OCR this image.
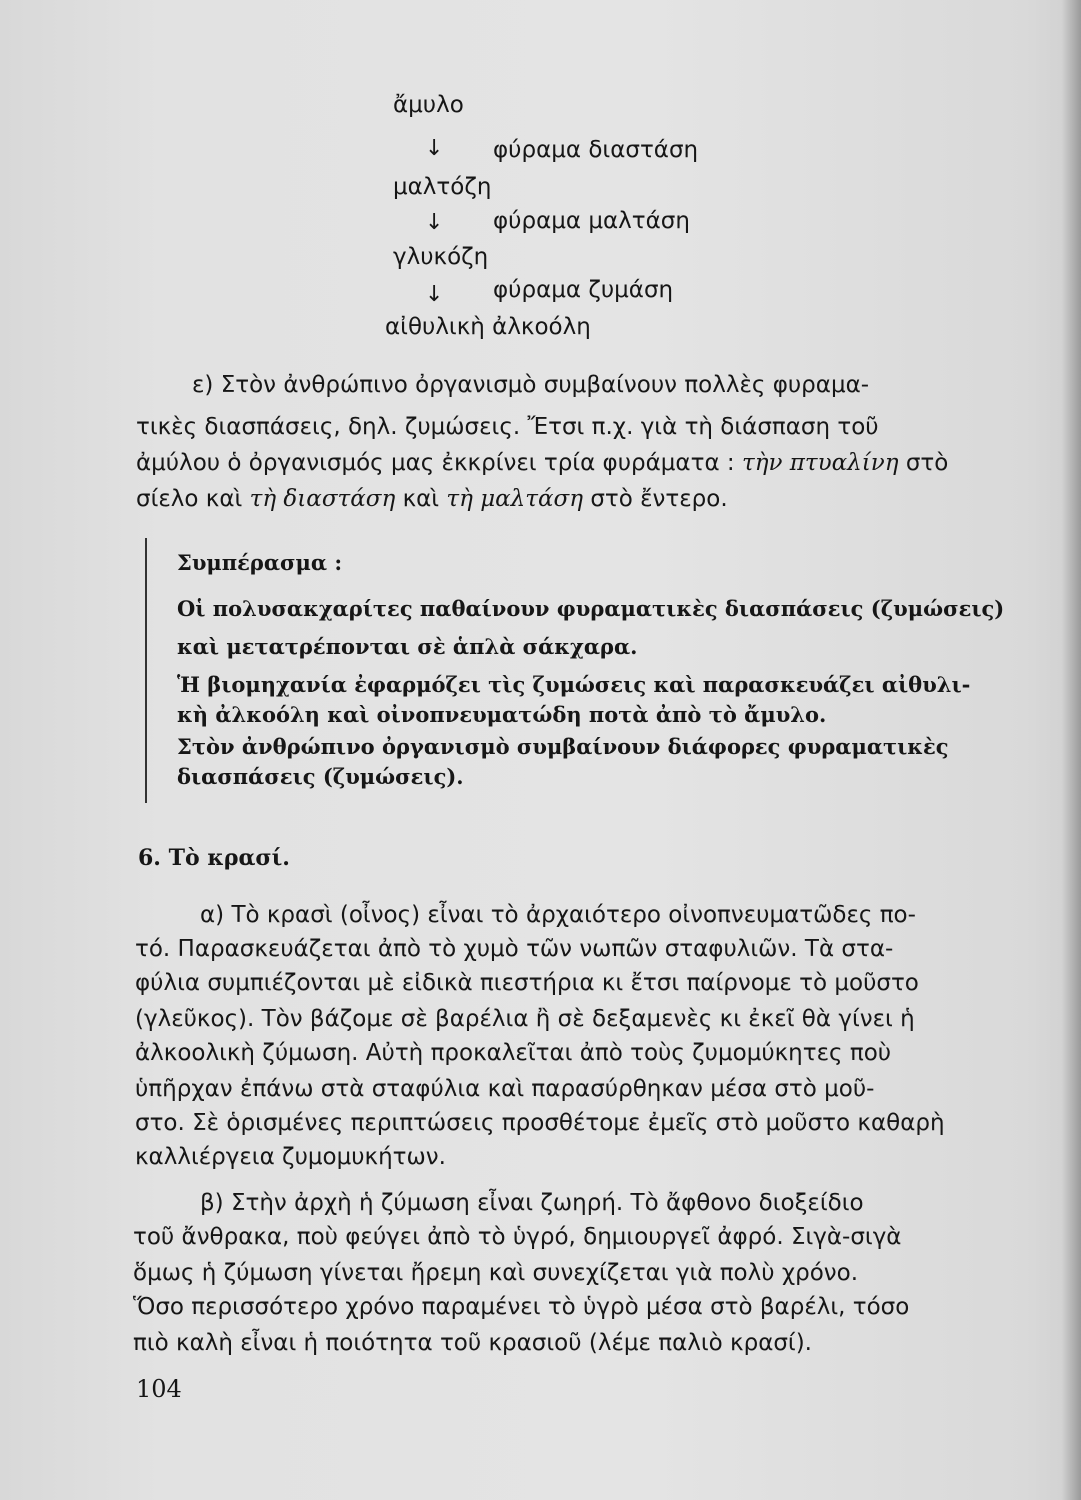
ἄμυλο
↓ φύραμα διαστάση
μαλτόζη
↓ φύραμα μαλτάση
γλυκόζη
↓ φύραμα ζυμάση
αἰθυλικὴ ἀλκοόλη
ε) Στὸν ἀνθρώπινο ὀργανισμὸ συμβαίνουν πολλὲς φυραμα-
τικὲς διασπάσεις, δηλ. ζυμώσεις. Ἔτσι π.χ. γιὰ τὴ διάσπαση τοῦ
ἀμύλου ὁ ὀργανισμός μας ἐκκρίνει τρία φυράματα : τὴν πτυαλίνη στὸ
σίελο καὶ τὴ διαστάση καὶ τὴ μαλτάση στὸ ἔντερο.
Συμπέρασμα :
Οἱ πολυσακχαρίτες παθαίνουν φυραματικὲς διασπάσεις (ζυμώσεις)
καὶ μετατρέπονται σὲ ἁπλὰ σάκχαρα.
Ἡ βιομηχανία ἐφαρμόζει τὶς ζυμώσεις καὶ παρασκευάζει αἰθυλι-
κὴ ἀλκοόλη καὶ οἰνοπνευματώδη ποτὰ ἀπὸ τὸ ἄμυλο.
Στὸν ἀνθρώπινο ὀργανισμὸ συμβαίνουν διάφορες φυραματικὲς
διασπάσεις (ζυμώσεις).
6. Τὸ κρασί.
α) Τὸ κρασὶ (οἶνος) εἶναι τὸ ἀρχαιότερο οἰνοπνευματῶδες πο-
τό. Παρασκευάζεται ἀπὸ τὸ χυμὸ τῶν νωπῶν σταφυλιῶν. Τὰ στα-
φύλια συμπιέζονται μὲ εἰδικὰ πιεστήρια κι ἔτσι παίρνομε τὸ μοῦστο
(γλεῦκος). Τὸν βάζομε σὲ βαρέλια ἢ σὲ δεξαμενὲς κι ἐκεῖ θὰ γίνει ἡ
ἀλκοολικὴ ζύμωση. Αὐτὴ προκαλεῖται ἀπὸ τοὺς ζυμομύκητες ποὺ
ὑπῆρχαν ἐπάνω στὰ σταφύλια καὶ παρασύρθηκαν μέσα στὸ μοῦ-
στο. Σὲ ὁρισμένες περιπτώσεις προσθέτομε ἐμεῖς στὸ μοῦστο καθαρὴ
καλλιέργεια ζυμομυκήτων.
β) Στὴν ἀρχὴ ἡ ζύμωση εἶναι ζωηρή. Τὸ ἄφθονο διοξείδιο
τοῦ ἄνθρακα, ποὺ φεύγει ἀπὸ τὸ ὑγρό, δημιουργεῖ ἀφρό. Σιγὰ-σιγὰ
ὅμως ἡ ζύμωση γίνεται ἤρεμη καὶ συνεχίζεται γιὰ πολὺ χρόνο.
Ὅσο περισσότερο χρόνο παραμένει τὸ ὑγρὸ μέσα στὸ βαρέλι, τόσο
πιὸ καλὴ εἶναι ἡ ποιότητα τοῦ κρασιοῦ (λέμε παλιὸ κρασί).
104
